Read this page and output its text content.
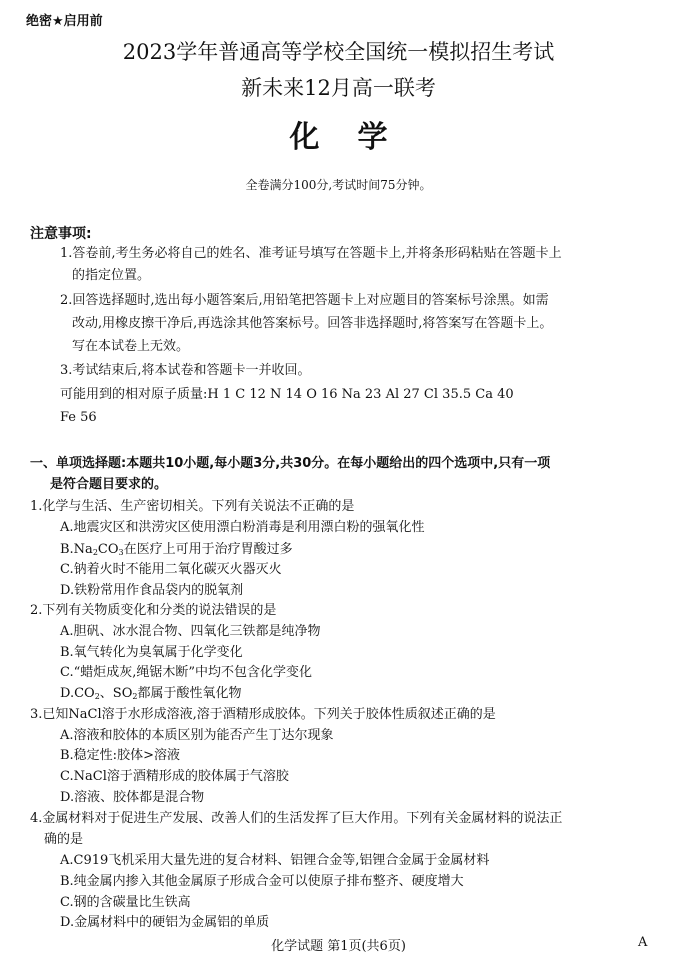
绝密★启用前
2023学年普通高等学校全国统一模拟招生考试
新未来12月高一联考
化学
全卷满分100分,考试时间75分钟。
注意事项:
1.答卷前,考生务必将自己的姓名、准考证号填写在答题卡上,并将条形码粘贴在答题卡上
的指定位置。
2.回答选择题时,选出每小题答案后,用铅笔把答题卡上对应题目的答案标号涂黑。如需
改动,用橡皮擦干净后,再选涂其他答案标号。回答非选择题时,将答案写在答题卡上。
写在本试卷上无效。
3.考试结束后,将本试卷和答题卡一并收回。
可能用到的相对原子质量:H 1 C 12 N 14 O 16 Na 23 Al 27 Cl 35.5 Ca 40
Fe 56
一、单项选择题:本题共10小题,每小题3分,共30分。在每小题给出的四个选项中,只有一项
是符合题目要求的。
1.化学与生活、生产密切相关。下列有关说法不正确的是
A.地震灾区和洪涝灾区使用漂白粉消毒是利用漂白粉的强氧化性
$B.Na_2CO_3$在医疗上可用于治疗胃酸过多
C.钠着火时不能用二氧化碳灭火器灭火
D.铁粉常用作食品袋内的脱氧剂
2.下列有关物质变化和分类的说法错误的是
A.胆矾、冰水混合物、四氧化三铁都是纯净物
B.氧气转化为臭氧属于化学变化
C.“蜡炬成灰,绳锯木断”中均不包含化学变化
$D.CO_2$、$SO_2$都属于酸性氧化物
3.已知NaCl溶于水形成溶液,溶于酒精形成胶体。下列关于胶体性质叙述正确的是
A.溶液和胶体的本质区别为能否产生丁达尔现象
B.稳定性:胶体>溶液
C.NaCl溶于酒精形成的胶体属于气溶胶
D.溶液、胶体都是混合物
4.金属材料对于促进生产发展、改善人们的生活发挥了巨大作用。下列有关金属材料的说法正
确的是
A.C919飞机采用大量先进的复合材料、铝锂合金等,铝锂合金属于金属材料
B.纯金属内掺入其他金属原子形成合金可以使原子排布整齐、硬度增大
C.钢的含碳量比生铁高
D.金属材料中的硬铝为金属铝的单质
化学试题 第1页(共6页)	A
